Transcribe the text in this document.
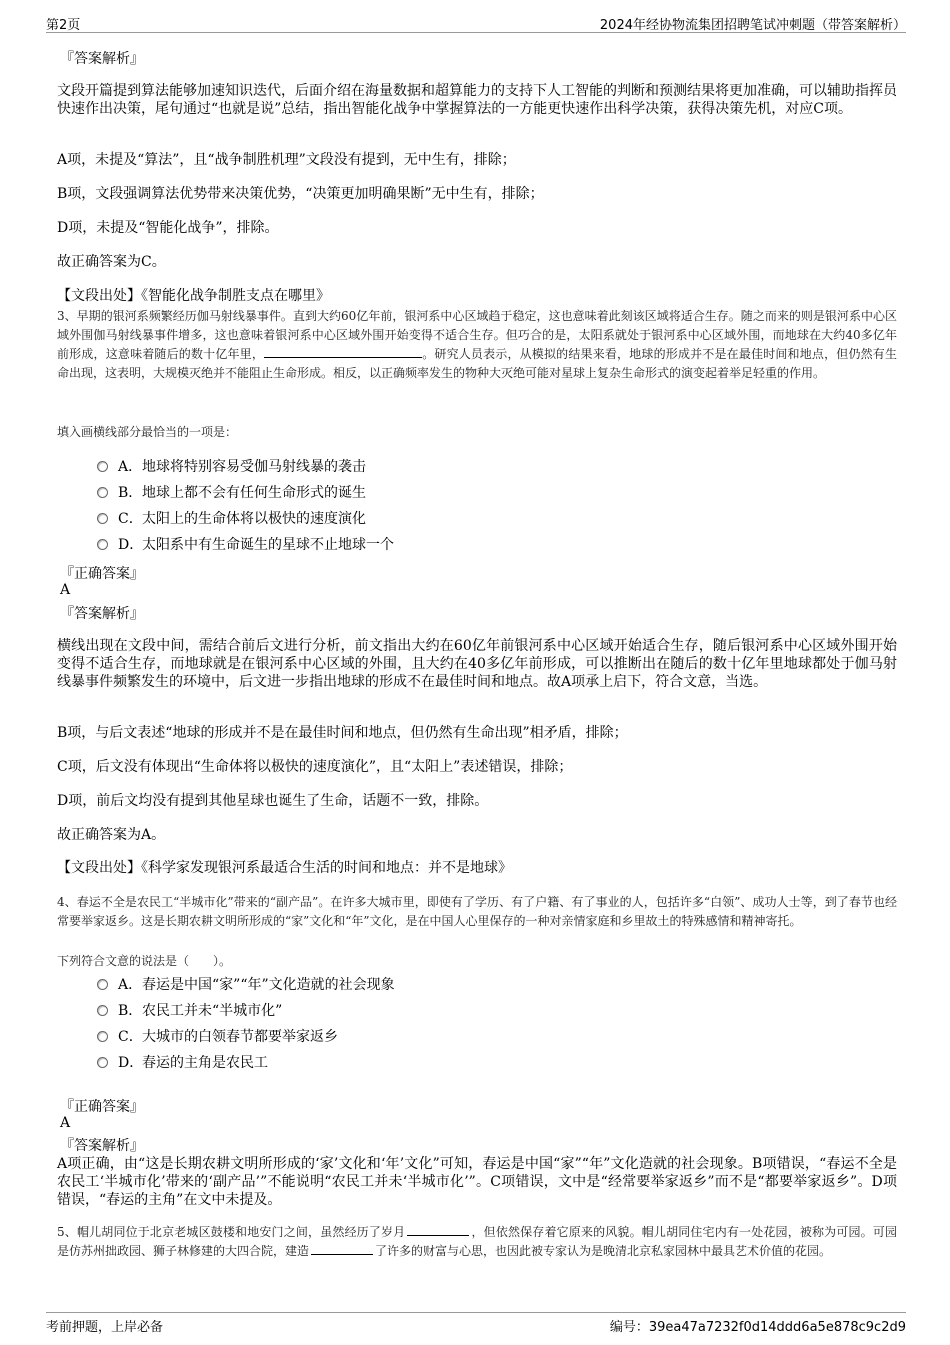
第2页	2024年经协物流集团招聘笔试冲刺题（带答案解析）
『答案解析』
文段开篇提到算法能够加速知识迭代，后面介绍在海量数据和超算能力的支持下人工智能的判断和预测结果将更加准确，可以辅助指挥员快速作出决策，尾句通过“也就是说”总结，指出智能化战争中掌握算法的一方能更快速作出科学决策，获得决策先机，对应C项。
A项，未提及“算法”，且“战争制胜机理”文段没有提到，无中生有，排除；
B项，文段强调算法优势带来决策优势，“决策更加明确果断”无中生有，排除；
D项，未提及“智能化战争”，排除。
故正确答案为C。
【文段出处】《智能化战争制胜支点在哪里》
3、早期的银河系频繁经历伽马射线暴事件。直到大约60亿年前，银河系中心区域趋于稳定，这也意味着此刻该区域将适合生存。随之而来的则是银河系中心区域外围伽马射线暴事件增多，这也意味着银河系中心区域外围开始变得不适合生存。但巧合的是，太阳系就处于银河系中心区域外围，而地球在大约40多亿年前形成，这意味着随后的数十亿年里，	。研究人员表示，从模拟的结果来看，地球的形成并不是在最佳时间和地点，但仍然有生命出现，这表明，大规模灭绝并不能阻止生命形成。相反，以正确频率发生的物种大灭绝可能对星球上复杂生命形式的演变起着举足轻重的作用。
填入画横线部分最恰当的一项是：
A．地球将特别容易受伽马射线暴的袭击
B．地球上都不会有任何生命形式的诞生
C．太阳上的生命体将以极快的速度演化
D．太阳系中有生命诞生的星球不止地球一个
『正确答案』
A
『答案解析』
横线出现在文段中间，需结合前后文进行分析，前文指出大约在60亿年前银河系中心区域开始适合生存，随后银河系中心区域外围开始变得不适合生存，而地球就是在银河系中心区域的外围，且大约在40多亿年前形成，可以推断出在随后的数十亿年里地球都处于伽马射线暴事件频繁发生的环境中，后文进一步指出地球的形成不在最佳时间和地点。故A项承上启下，符合文意，当选。
B项，与后文表述“地球的形成并不是在最佳时间和地点，但仍然有生命出现”相矛盾，排除；
C项，后文没有体现出“生命体将以极快的速度演化”，且“太阳上”表述错误，排除；
D项，前后文均没有提到其他星球也诞生了生命，话题不一致，排除。
故正确答案为A。
【文段出处】《科学家发现银河系最适合生活的时间和地点：并不是地球》
4、春运不全是农民工“半城市化”带来的“副产品”。在许多大城市里，即使有了学历、有了户籍、有了事业的人，包括许多“白领”、成功人士等，到了春节也经常要举家返乡。这是长期农耕文明所形成的“家”文化和“年”文化，是在中国人心里保存的一种对亲情家庭和乡里故土的特殊感情和精神寄托。
下列符合文意的说法是（　　）。
A．春运是中国“家”“年”文化造就的社会现象
B．农民工并未“半城市化”
C．大城市的白领春节都要举家返乡
D．春运的主角是农民工
『正确答案』
A
『答案解析』
A项正确，由“这是长期农耕文明所形成的‘家’文化和‘年’文化”可知，春运是中国“家”“年”文化造就的社会现象。B项错误，“春运不全是农民工‘半城市化’带来的‘副产品’”不能说明“农民工并未‘半城市化’”。C项错误，文中是“经常要举家返乡”而不是“都要举家返乡”。D项错误，“春运的主角”在文中未提及。
5、帽儿胡同位于北京老城区鼓楼和地安门之间，虽然经历了岁月	，但依然保存着它原来的风貌。帽儿胡同住宅内有一处花园，被称为可园。可园是仿苏州拙政园、狮子林修建的大四合院，建造	了许多的财富与心思，也因此被专家认为是晚清北京私家园林中最具艺术价值的花园。
考前押题，上岸必备	编号：39ea47a7232f0d14ddd6a5e878c9c2d9
